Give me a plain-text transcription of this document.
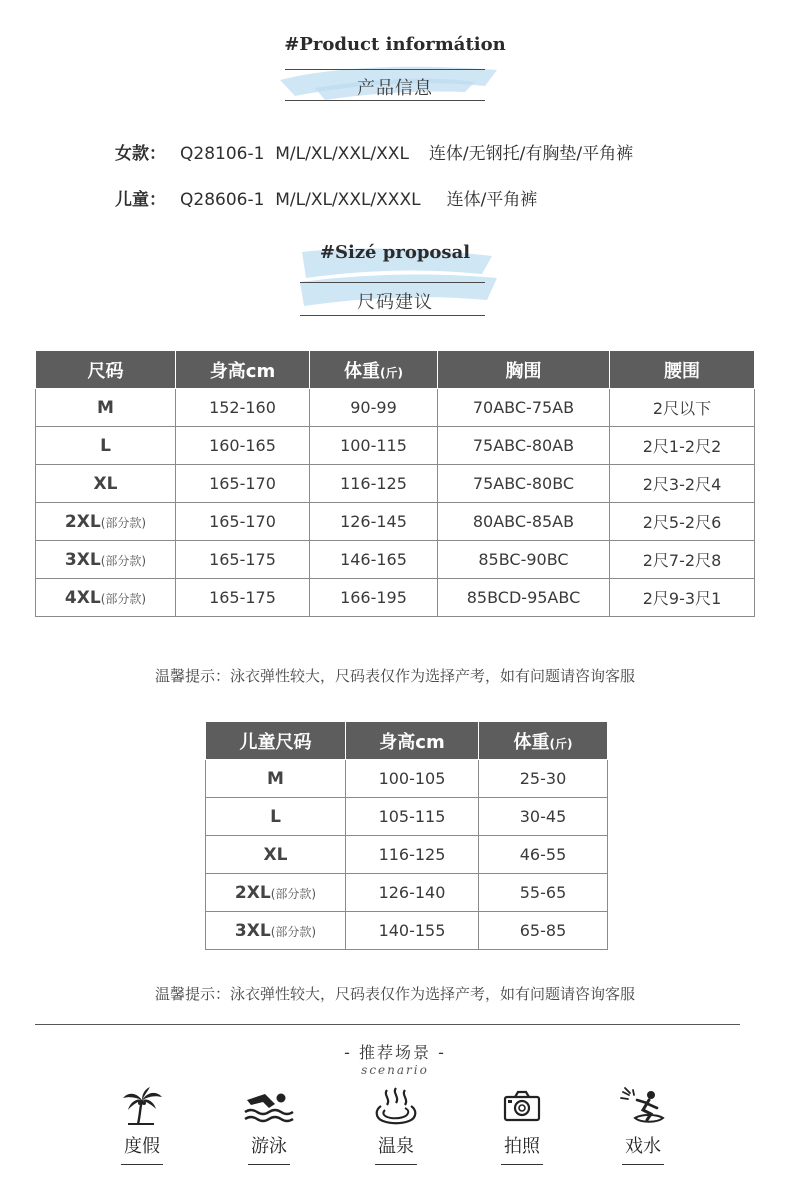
#Product informátion
产品信息
女款： Q28106-1 M/L/XL/XXL/XXL 连体/无钢托/有胸垫/平角裤
儿童： Q28606-1 M/L/XL/XXL/XXXL 连体/平角裤
#Sizé proposal
尺码建议
尺码	身高cm	体重(斤)	胸围	腰围
M	152-160	90-99	70ABC-75AB	2尺以下
L	160-165	100-115	75ABC-80AB	2尺1-2尺2
XL	165-170	116-125	75ABC-80BC	2尺3-2尺4
2XL(部分款)	165-170	126-145	80ABC-85AB	2尺5-2尺6
3XL(部分款)	165-175	146-165	85BC-90BC	2尺7-2尺8
4XL(部分款)	165-175	166-195	85BCD-95ABC	2尺9-3尺1
温馨提示：泳衣弹性较大，尺码表仅作为选择产考，如有问题请咨询客服
儿童尺码	身高cm	体重(斤)
M	100-105	25-30
L	105-115	30-45
XL	116-125	46-55
2XL(部分款)	126-140	55-65
3XL(部分款)	140-155	65-85
温馨提示：泳衣弹性较大，尺码表仅作为选择产考，如有问题请咨询客服
- 推荐场景 -
scenario
度假	游泳	温泉	拍照	戏水
